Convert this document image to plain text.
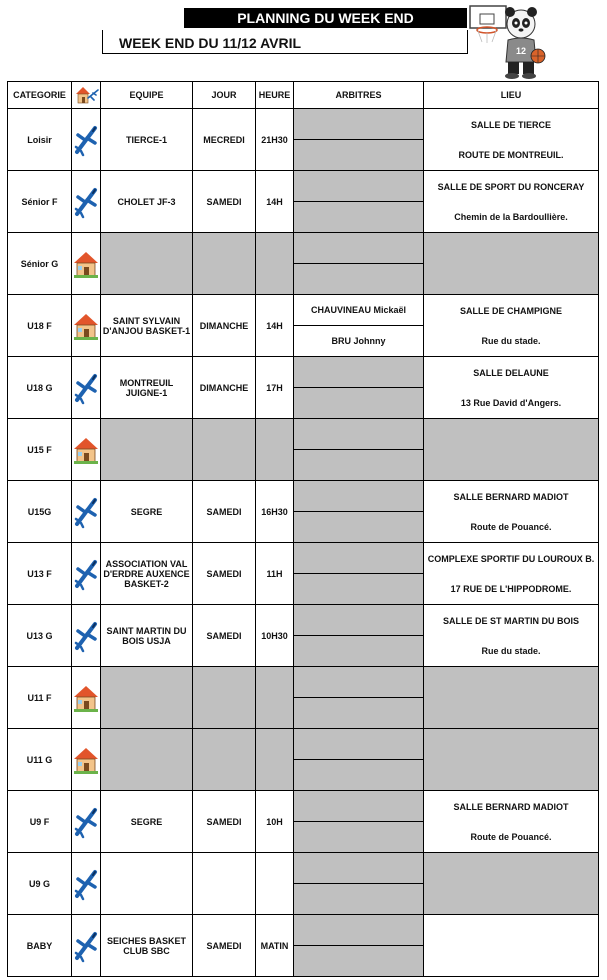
PLANNING DU WEEK END
WEEK END DU 11/12 AVRIL	12
CATEGORIE		EQUIPE	JOUR	HEURE	ARBITRES	LIEU
Loisir		TIERCE-1	MECREDI	21H30		SALLE DE TIERCE
ROUTE DE MONTREUIL.

Sénior F		CHOLET JF-3	SAMEDI	14H		SALLE DE SPORT DU RONCERAY
Chemin de la Bardoullière.

Sénior G	

U18 F		SAINT SYLVAIN D'ANJOU BASKET-1	DIMANCHE	14H	CHAUVINEAU Mickaël	SALLE DE CHAMPIGNE
Rue du stade.
					BRU Johnny	
U18 G		MONTREUIL JUIGNE-1	DIMANCHE	17H		SALLE DELAUNE
13 Rue David d'Angers.

U15 F	

U15G		SEGRE	SAMEDI	16H30		SALLE BERNARD MADIOT
Route de Pouancé.

U13 F		ASSOCIATION VAL D'ERDRE AUXENCE BASKET-2	SAMEDI	11H		COMPLEXE SPORTIF DU LOUROUX B.
17 RUE DE L'HIPPODROME.

U13 G		SAINT MARTIN DU BOIS USJA	SAMEDI	10H30		SALLE DE ST MARTIN DU BOIS
Rue du stade.

U11 F	

U11 G	

U9 F		SEGRE	SAMEDI	10H		SALLE BERNARD MADIOT
Route de Pouancé.

U9 G	

BABY		SEICHES BASKET CLUB SBC	SAMEDI	MATIN		
